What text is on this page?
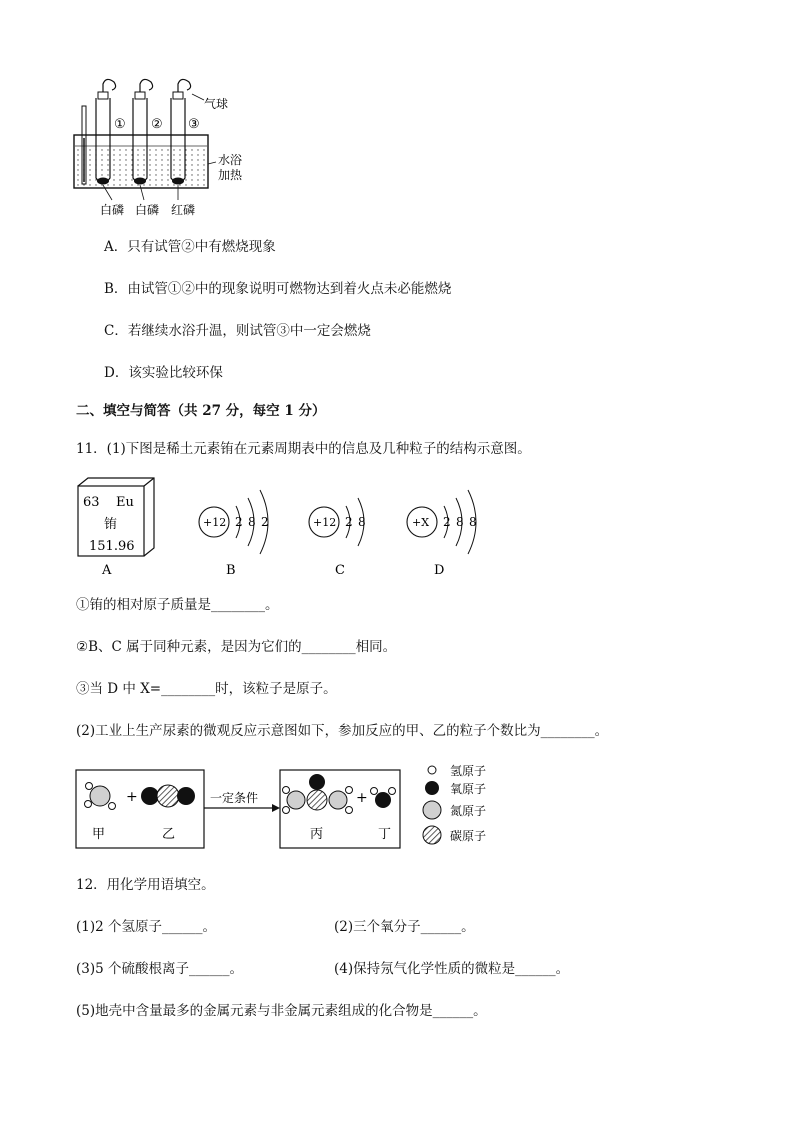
① ② ③
气球
水浴
加热
白磷 白磷 红磷
A．只有试管②中有燃烧现象
B．由试管①②中的现象说明可燃物达到着火点未必能燃烧
C．若继续水浴升温，则试管③中一定会燃烧
D．该实验比较环保
二、填空与简答（共 27 分，每空 1 分）
11．(1)下图是稀土元素铕在元素周期表中的信息及几种粒子的结构示意图。
63 Eu
铕
151.96
A
+12 2 8 2
B
+12 2 8
C
+X 2 8 8
D
①铕的相对原子质量是________。
②B、C 属于同种元素，是因为它们的________相同。
③当 D 中 X=________时，该粒子是原子。
(2)工业上生产尿素的微观反应示意图如下，参加反应的甲、乙的粒子个数比为________。
+
甲	乙
一定条件	+
丙	丁
氢原子
氧原子
氮原子
碳原子
12．用化学用语填空。
(1)2 个氢原子______。	(2)三个氧分子______。
(3)5 个硫酸根离子______。	(4)保持氖气化学性质的微粒是______。
(5)地壳中含量最多的金属元素与非金属元素组成的化合物是______。
